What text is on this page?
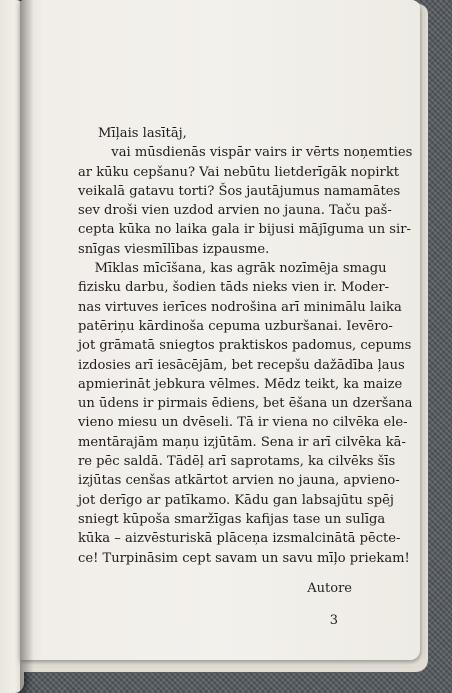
Mīļais lasītāj,
vai mūsdienās vispār vairs ir vērts noņemties
ar kūku cepšanu? Vai nebūtu lietderīgāk nopirkt
veikalā gatavu torti? Šos jautājumus namamātes
sev droši vien uzdod arvien no jauna. Taču paš-
cepta kūka no laika gala ir bijusi mājīguma un sir-
snīgas viesmīlības izpausme.
Mīklas mīcīšana, kas agrāk nozīmēja smagu
fizisku darbu, šodien tāds nieks vien ir. Moder-
nas virtuves ierīces nodrošina arī minimālu laika
patēriņu kārdinoša cepuma uzburšanai. Ievēro-
jot grāmatā sniegtos praktiskos padomus, cepums
izdosies arī iesācējām, bet recepšu dažādība ļaus
apmierināt jebkura vēlmes. Mēdz teikt, ka maize
un ūdens ir pirmais ēdiens, bet ēšana un dzeršana
vieno miesu un dvēseli. Tā ir viena no cilvēka ele-
mentārajām maņu izjūtām. Sena ir arī cilvēka kā-
re pēc saldā. Tādēļ arī saprotams, ka cilvēks šīs
izjūtas cenšas atkārtot arvien no jauna, apvieno-
jot derīgo ar patīkamo. Kādu gan labsajūtu spēj
sniegt kūpoša smaržīgas kafijas tase un sulīga
kūka – aizvēsturiskā plāceņa izsmalcinātā pēcte-
ce! Turpināsim cept savam un savu mīļo priekam!
Autore
3
